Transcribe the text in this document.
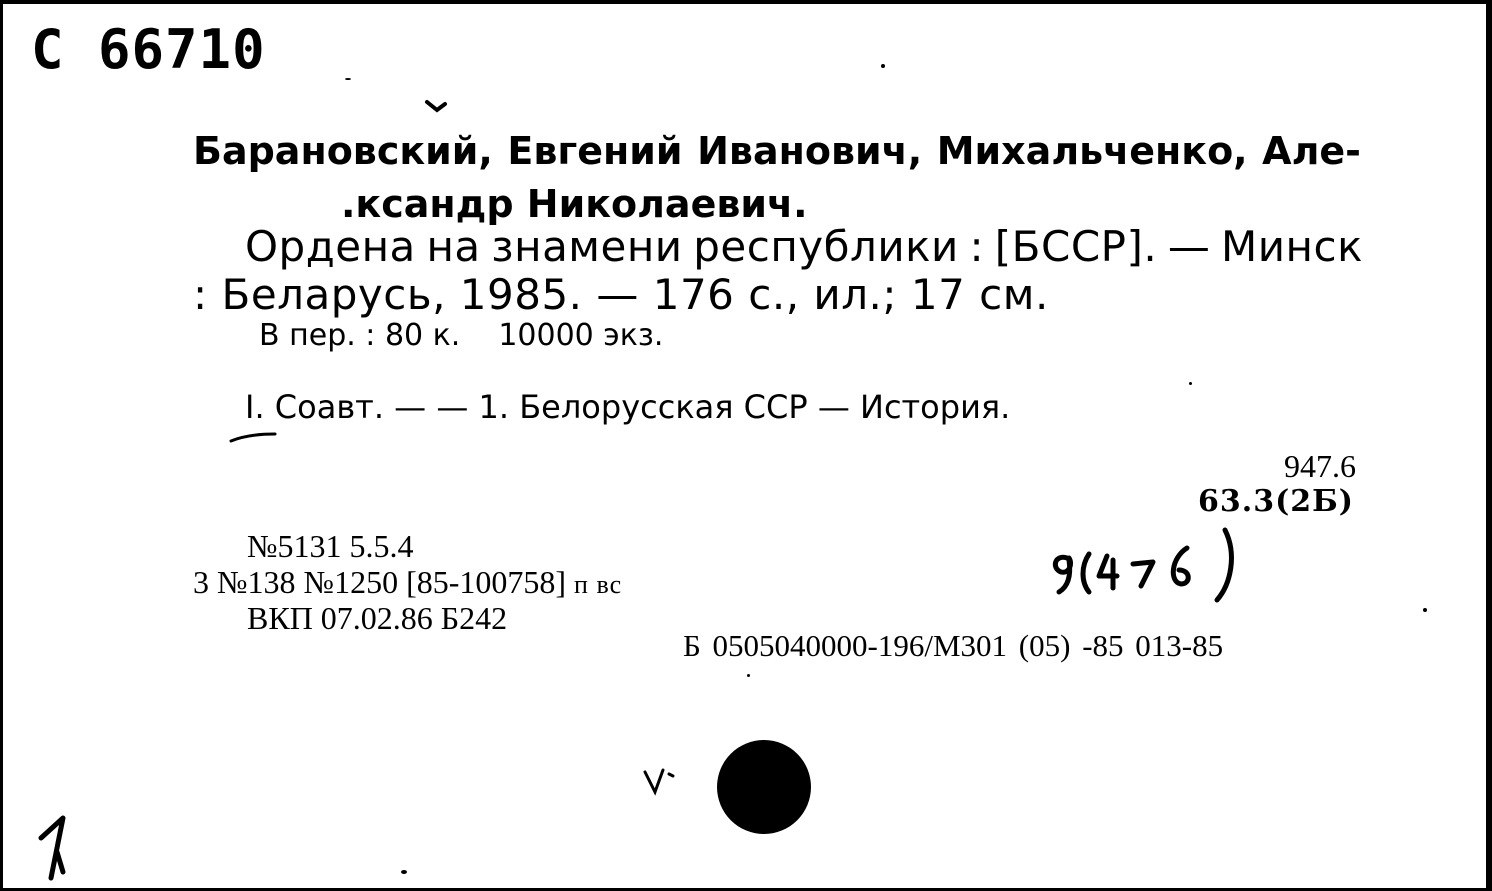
С 66710
Барановский, Евгений Иванович, Михальченко, Але-
.ксандр Николаевич.
Ордена на знамени республики : [БССР]. — Минск
: Беларусь, 1985. — 176 с., ил.; 17 см.
В пер. : 80 к. 10000 экз.
I. Соавт. — — 1. Белорусская ССР — История.
947.6
63.3(2Б)
№5131 5.5.4
3 №138 №1250 [85-100758] п вс
ВКП 07.02.86 Б242
Б 0505040000-196/М301 (05) -85 013-85
